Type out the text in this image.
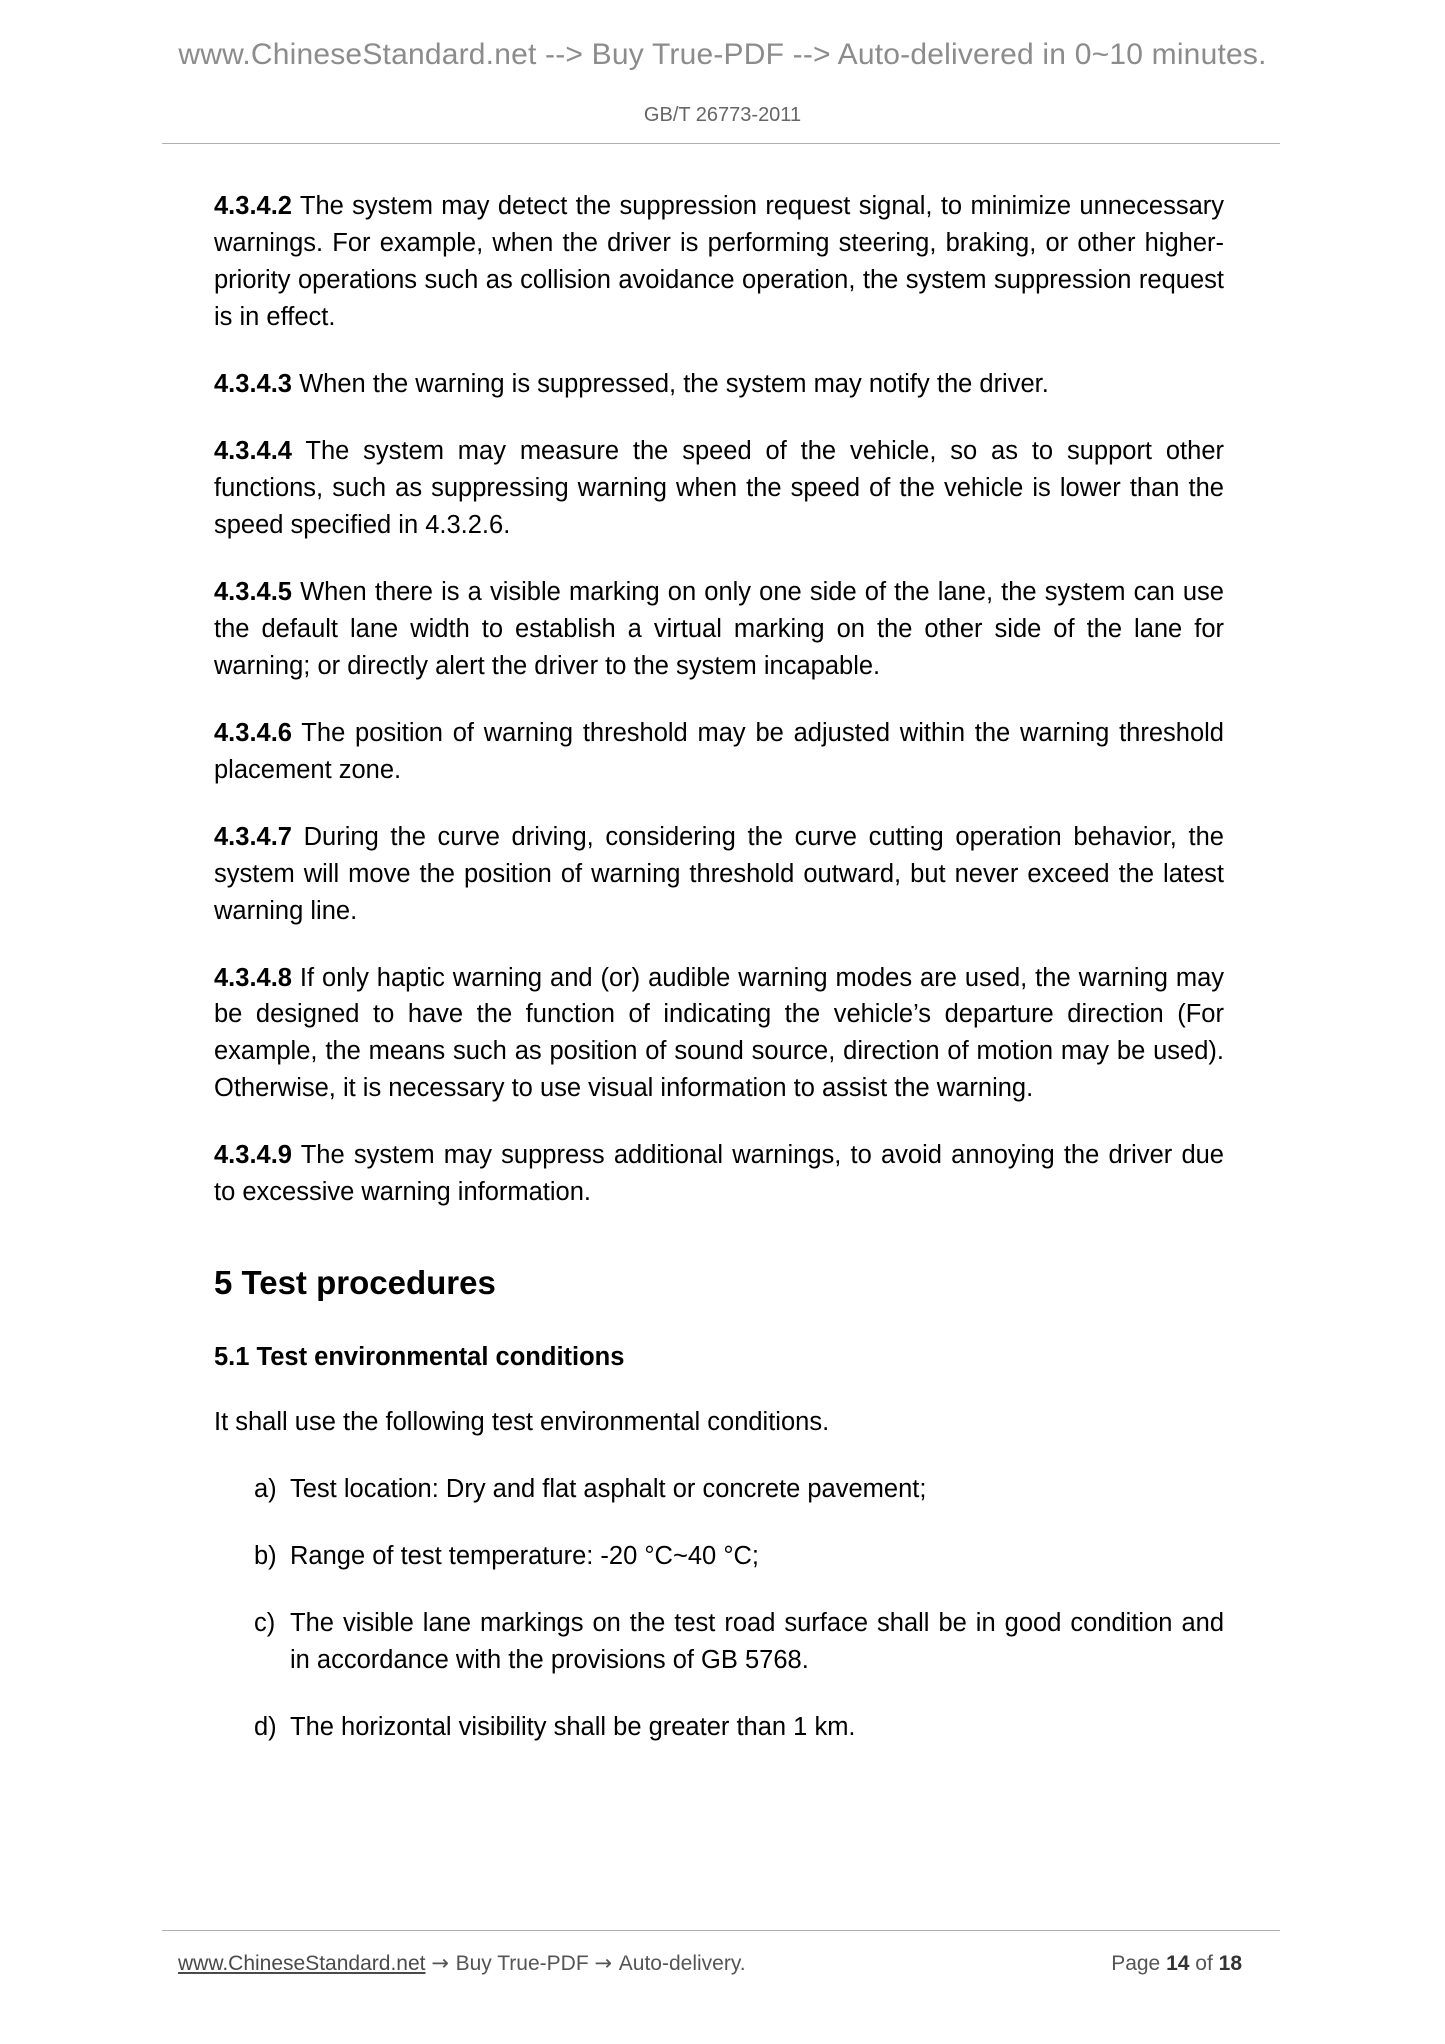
www.ChineseStandard.net --> Buy True-PDF --> Auto-delivered in 0~10 minutes.
GB/T 26773-2011

4.3.4.2 The system may detect the suppression request signal, to minimize unnecessary warnings. For example, when the driver is performing steering, braking, or other higher-priority operations such as collision avoidance operation, the system suppression request is in effect.

4.3.4.3 When the warning is suppressed, the system may notify the driver.

4.3.4.4 The system may measure the speed of the vehicle, so as to support other functions, such as suppressing warning when the speed of the vehicle is lower than the speed specified in 4.3.2.6.

4.3.4.5 When there is a visible marking on only one side of the lane, the system can use the default lane width to establish a virtual marking on the other side of the lane for warning; or directly alert the driver to the system incapable.

4.3.4.6 The position of warning threshold may be adjusted within the warning threshold placement zone.

4.3.4.7 During the curve driving, considering the curve cutting operation behavior, the system will move the position of warning threshold outward, but never exceed the latest warning line.

4.3.4.8 If only haptic warning and (or) audible warning modes are used, the warning may be designed to have the function of indicating the vehicle’s departure direction (For example, the means such as position of sound source, direction of motion may be used). Otherwise, it is necessary to use visual information to assist the warning.

4.3.4.9 The system may suppress additional warnings, to avoid annoying the driver due to excessive warning information.

5 Test procedures
5.1 Test environmental conditions

It shall use the following test environmental conditions.

a) Test location: Dry and flat asphalt or concrete pavement;
b) Range of test temperature: -20 °C~40 °C;
c) The visible lane markings on the test road surface shall be in good condition and in accordance with the provisions of GB 5768.
d) The horizontal visibility shall be greater than 1 km.
www.ChineseStandard.net → Buy True-PDF → Auto-delivery.	Page 14 of 18
